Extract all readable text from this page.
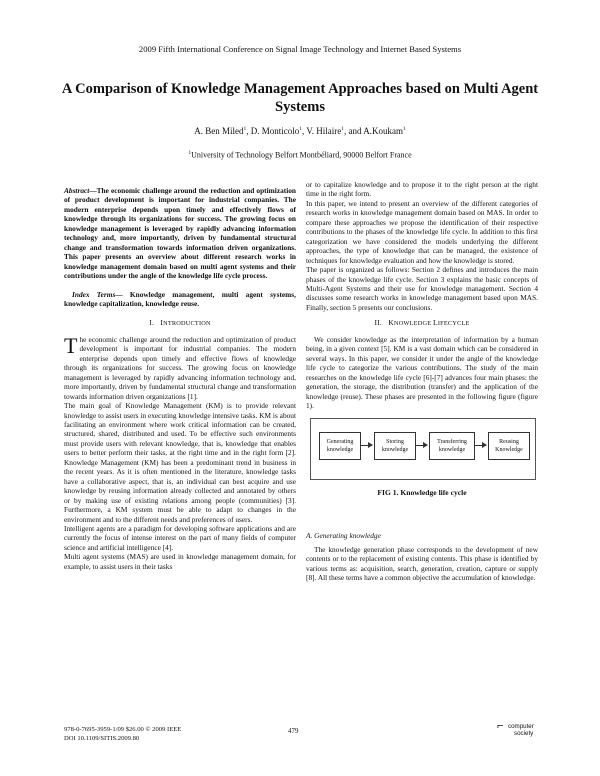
2009 Fifth International Conference on Signal Image Technology and Internet Based Systems
A Comparison of Knowledge Management Approaches based on Multi Agent Systems
A. Ben Miled$^1$, D. Monticolo$^1$, V. Hilaire$^1$, and A.Koukam$^1$
$^1$University of Technology Belfort Montbéliard, 90000 Belfort France

Abstract—The economic challenge around the reduction and optimization of product development is important for industrial companies. The modern enterprise depends upon timely and effectively flows of knowledge through its organizations for success. The growing focus on knowledge management is leveraged by rapidly advancing information technology and, more importantly, driven by fundamental structural change and transformation towards information driven organizations. This paper presents an overview about different research works in knowledge management domain based on multi agent systems and their contributions under the angle of the knowledge life cycle process.

Index Terms— Knowledge management, multi agent systems, knowledge capitalization, knowledge reuse.

I. INTRODUCTION

The economic challenge around the reduction and optimization of product development is important for industrial companies. The modern enterprise depends upon timely and effective flows of knowledge through its organizations for success. The growing focus on knowledge management is leveraged by rapidly advancing information technology and, more importantly, driven by fundamental structural change and transformation towards information driven organizations [1].

The main goal of Knowledge Management (KM) is to provide relevant knowledge to assist users in executing knowledge intensive tasks. KM is about facilitating an environment where work critical information can be created, structured, shared, distributed and used. To be effective such environments must provide users with relevant knowledge, that is, knowledge that enables users to better perform their tasks, at the right time and in the right form [2]. Knowledge Management (KM) has been a predominant trend in business in the recent years. As it is often mentioned in the literature, knowledge tasks have a collaborative aspect, that is, an individual can best acquire and use knowledge by reusing information already collected and annotated by others or by making use of existing relations among people (communities) [3]. Furthermore, a KM system must be able to adapt to changes in the environment and to the different needs and preferences of users.

Intelligent agents are a paradigm for developing software applications and are currently the focus of intense interest on the part of many fields of computer science and artificial intelligence [4].

Multi agent systems (MAS) are used in knowledge management domain, for example, to assist users in their tasks

or to capitalize knowledge and to propose it to the right person at the right time in the right form.

In this paper, we intend to present an overview of the different categories of research works in knowledge management domain based on MAS. In order to compare these approaches we propose the identification of their respective contributions to the phases of the knowledge life cycle. In addition to this first categorization we have considered the models underlying the different approaches, the type of knowledge that can be managed, the existence of techniques for knowledge evaluation and how the knowledge is stored.

The paper is organized as follows: Section 2 defines and introduces the main phases of the knowledge life cycle. Section 3 explains the basic concepts of Multi-Agent Systems and their use for knowledge management. Section 4 discusses some research works in knowledge management based upon MAS. Finally, section 5 presents our conclusions.

II. KNOWLEDGE LIFECYCLE

We consider knowledge as the interpretation of information by a human being, in a given context [5]. KM is a vast domain which can be considered in several ways. In this paper, we consider it under the angle of the knowledge life cycle to categorize the various contributions. The study of the main researches on the knowledge life cycle [6]-[7] advances four main phases: the generation, the storage, the distribution (transfer) and the application of the knowledge (reuse). These phases are presented in the following figure (figure 1).

Generating knowledge
Storing knowledge
Transferring knowledge
Reusing Knowledge
FIG 1. Knowledge life cycle

A. Generating knowledge

The knowledge generation phase corresponds to the development of new contents or to the replacement of existing contents. This phase is identified by various terms as: acquisition, search, generation, creation, capture or supply [8]. All these terms have a common objective the accumulation of knowledge.

978-0-7695-3959-1/09 $26.00 © 2009 IEEE
DOI 10.1109/SITIS.2009.80
479	⌐ computer
society
